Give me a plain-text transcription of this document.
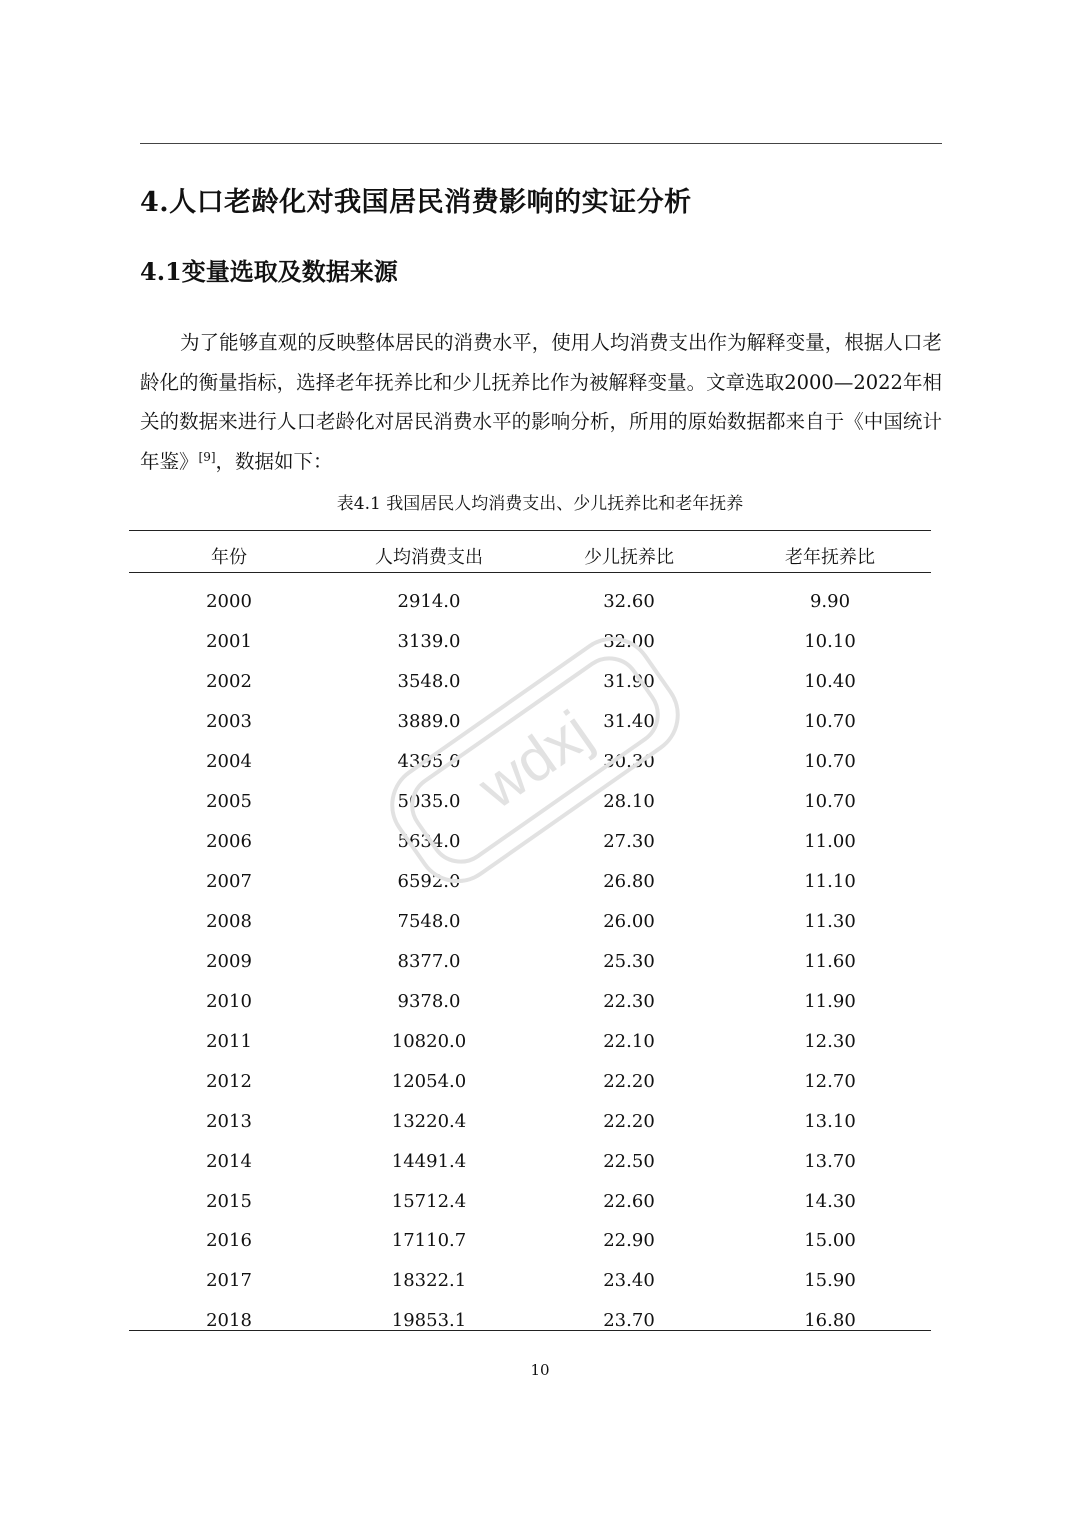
4.人口老龄化对我国居民消费影响的实证分析
4.1变量选取及数据来源

为了能够直观的反映整体居民的消费水平，使用人均消费支出作为解释变量，根据人口老龄化的衡量指标，选择老年抚养比和少儿抚养比作为被解释变量。文章选取2000—2022年相关的数据来进行人口老龄化对居民消费水平的影响分析，所用的原始数据都来自于《中国统计年鉴》[9]，数据如下：

表4.1 我国居民人均消费支出、少儿抚养比和老年抚养
年份	人均消费支出	少儿抚养比	老年抚养比

2000	2914.0	32.60	9.90
2001	3139.0	32.00	10.10
2002	3548.0	31.90	10.40
2003	3889.0	31.40	10.70
2004	4395.0	30.30	10.70
2005	5035.0	28.10	10.70
2006	5634.0	27.30	11.00
2007	6592.0	26.80	11.10
2008	7548.0	26.00	11.30
2009	8377.0	25.30	11.60
2010	9378.0	22.30	11.90
2011	10820.0	22.10	12.30
2012	12054.0	22.20	12.70
2013	13220.4	22.20	13.10
2014	14491.4	22.50	13.70
2015	15712.4	22.60	14.30
2016	17110.7	22.90	15.00
2017	18322.1	23.40	15.90
2018	19853.1	23.70	16.80
wdxj
10
